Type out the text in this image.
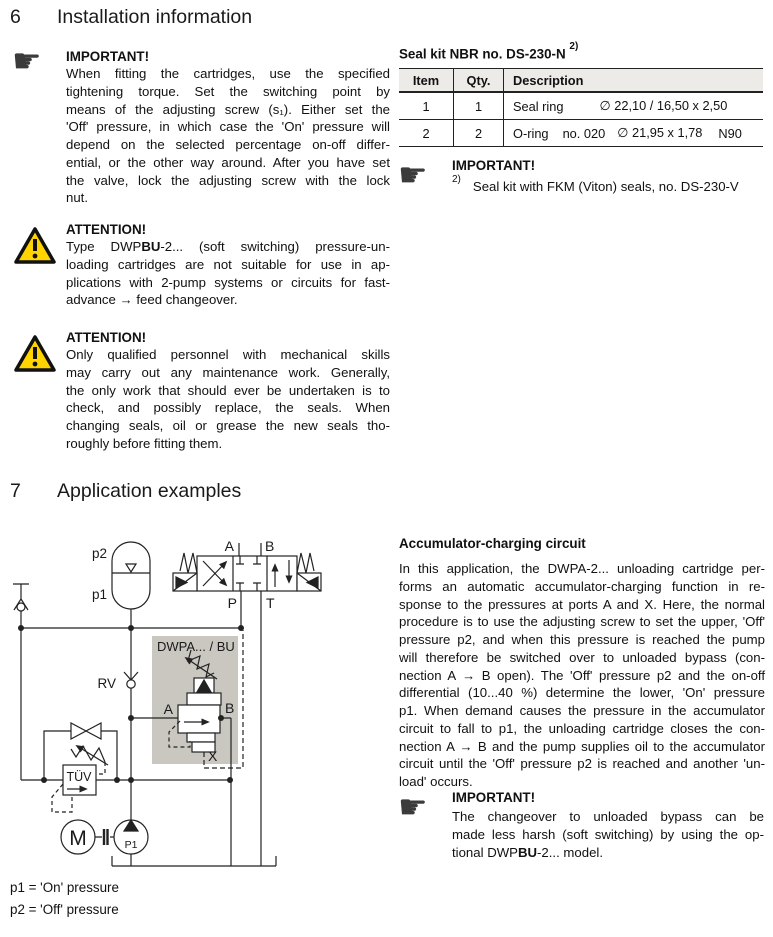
6	Installation information
☛ IMPORTANT!
When fitting the cartridges, use the specified
tightening torque. Set the switching point by
means of the adjusting screw (s₁). Either set the
'Off' pressure, in which case the 'On' pressure will
depend on the selected percentage on-off differ-
ential, or the other way around. After you have set
the valve, lock the adjusting screw with the lock
nut.
ATTENTION!
Type DWPBU-2... (soft switching) pressure-un-
loading cartridges are not suitable for use in ap-
plications with 2-pump systems or circuits for fast-
advance → feed changeover.
ATTENTION!
Only qualified personnel with mechanical skills
may carry out any maintenance work. Generally,
the only work that should ever be undertaken is to
check, and possibly replace, the seals. When
changing seals, oil or grease the new seals tho-
roughly before fitting them.
Seal kit NBR no. DS-230-N $^{2)}$
Item	Qty.	Description
1	1	Seal ring	∅ 22,10 / 16,50 x 2,50
2	2	O-ring no. 020 ∅ 21,95 x 1,78 N90
☛ IMPORTANT!
$^{2)}$ Seal kit with FKM (Viton) seals, no. DS-230-V
7	Application examples
p2
p1
A B
P T
RV
DWPA... / BU
A	B
X
TÜV
M	P1
p1 = 'On' pressure
p2 = 'Off' pressure
Accumulator-charging circuit
In this application, the DWPA-2... unloading cartridge per-
forms an automatic accumulator-charging function in re-
sponse to the pressures at ports A and X. Here, the normal
procedure is to use the adjusting screw to set the upper, 'Off'
pressure p2, and when this pressure is reached the pump
will therefore be switched over to unloaded bypass (con-
nection A → B open). The 'Off' pressure p2 and the on-off
differential (10...40 %) determine the lower, 'On' pressure
p1. When demand causes the pressure in the accumulator
circuit to fall to p1, the unloading cartridge closes the con-
nection A → B and the pump supplies oil to the accumulator
circuit until the 'Off' pressure p2 is reached and another 'un-
load' occurs.
☛ IMPORTANT!
The changeover to unloaded bypass can be
made less harsh (soft switching) by using the op-
tional DWPBU-2... model.
